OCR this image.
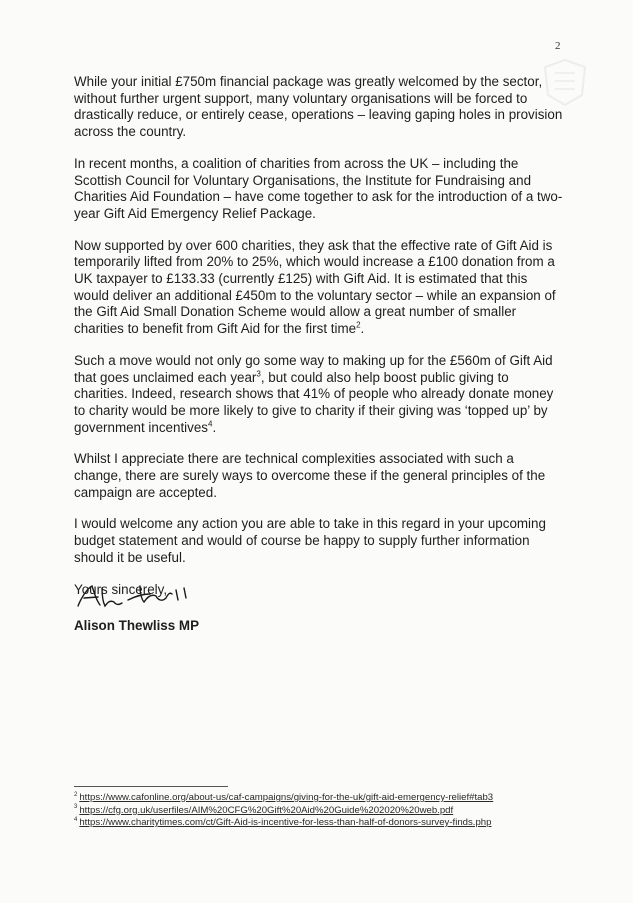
2

While your initial £750m financial package was greatly welcomed by the sector, without further urgent support, many voluntary organisations will be forced to drastically reduce, or entirely cease, operations – leaving gaping holes in provision across the country.

In recent months, a coalition of charities from across the UK – including the Scottish Council for Voluntary Organisations, the Institute for Fundraising and Charities Aid Foundation – have come together to ask for the introduction of a two-year Gift Aid Emergency Relief Package.

Now supported by over 600 charities, they ask that the effective rate of Gift Aid is temporarily lifted from 20% to 25%, which would increase a £100 donation from a UK taxpayer to £133.33 (currently £125) with Gift Aid. It is estimated that this would deliver an additional £450m to the voluntary sector – while an expansion of the Gift Aid Small Donation Scheme would allow a great number of smaller charities to benefit from Gift Aid for the first time$^2$.

Such a move would not only go some way to making up for the £560m of Gift Aid that goes unclaimed each year$^3$, but could also help boost public giving to charities. Indeed, research shows that 41% of people who already donate money to charity would be more likely to give to charity if their giving was ‘topped up’ by government incentives$^4$.

Whilst I appreciate there are technical complexities associated with such a change, there are surely ways to overcome these if the general principles of the campaign are accepted.

I would welcome any action you are able to take in this regard in your upcoming budget statement and would of course be happy to supply further information should it be useful.

Yours sincerely,

Alison Thewliss MP
$^2$ https://www.cafonline.org/about-us/caf-campaigns/giving-for-the-uk/gift-aid-emergency-relief#tab3
$^3$ https://cfg.org.uk/userfiles/AIM%20CFG%20Gift%20Aid%20Guide%202020%20web.pdf
$^4$ https://www.charitytimes.com/ct/Gift-Aid-is-incentive-for-less-than-half-of-donors-survey-finds.php
